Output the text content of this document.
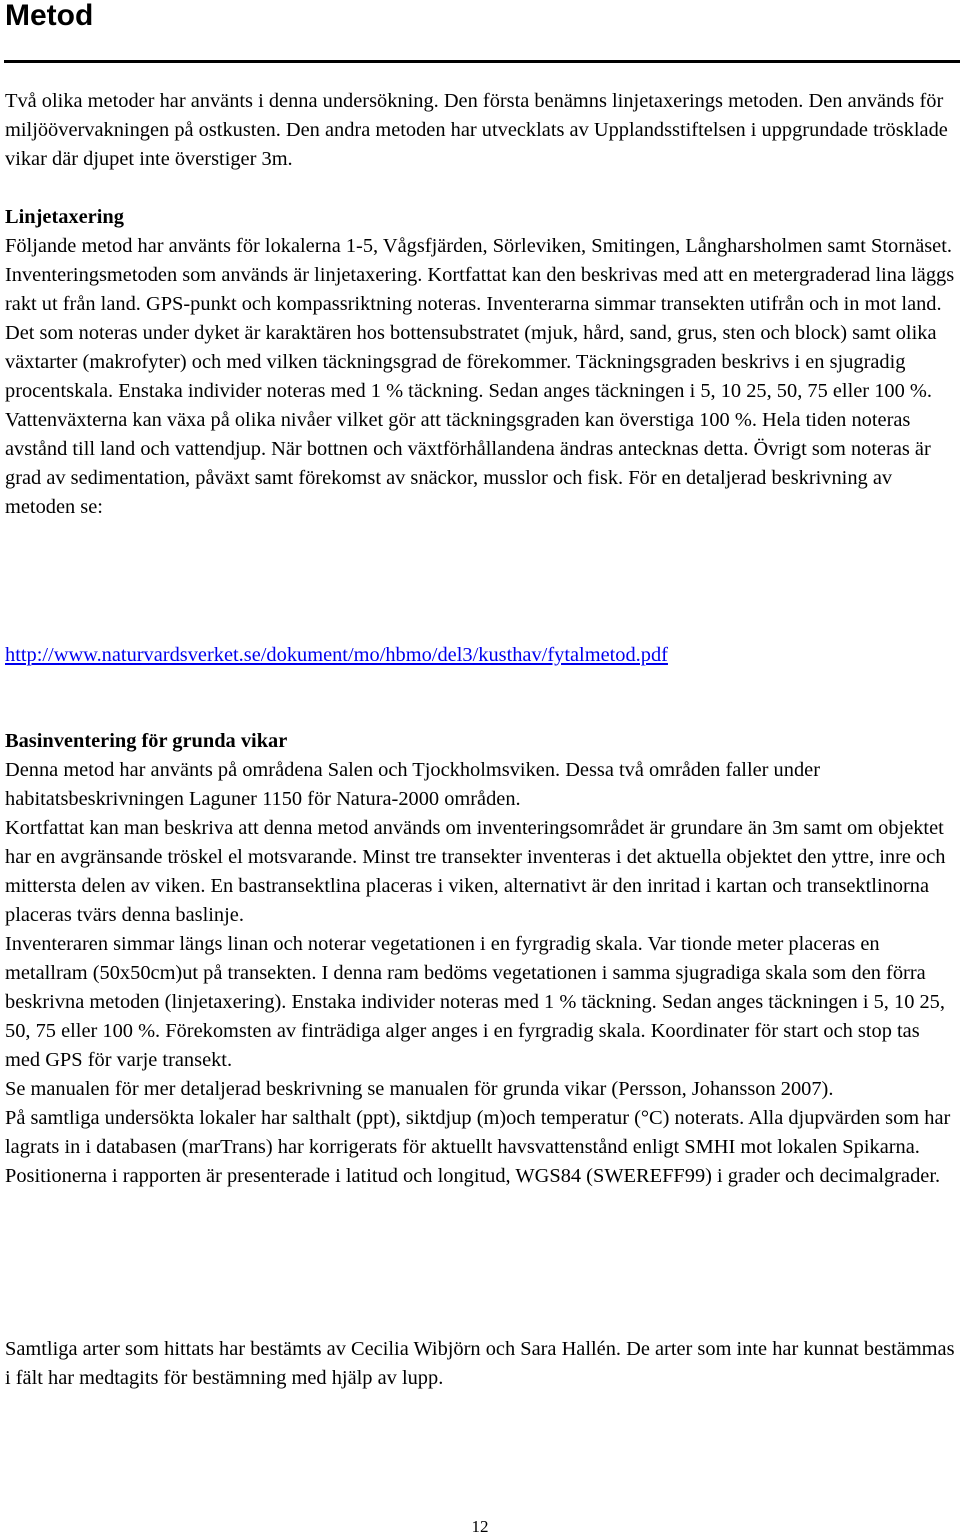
Metod

Två olika metoder har använts i denna undersökning. Den första benämns linjetaxerings metoden. Den används för miljöövervakningen på ostkusten. Den andra metoden har utvecklats av Upplandsstiftelsen i uppgrundade trösklade vikar där djupet inte överstiger 3m.

Linjetaxering

Följande metod har använts för lokalerna 1-5, Vågsfjärden, Sörleviken, Smitingen, Långharsholmen samt Stornäset.

Inventeringsmetoden som används är linjetaxering. Kortfattat kan den beskrivas med att en metergraderad lina läggs rakt ut från land. GPS-punkt och kompassriktning noteras. Inventerarna simmar transekten utifrån och in mot land. Det som noteras under dyket är karaktären hos bottensubstratet (mjuk, hård, sand, grus, sten och block) samt olika växtarter (makrofyter) och med vilken täckningsgrad de förekommer. Täckningsgraden beskrivs i en sjugradig procentskala. Enstaka individer noteras med 1 % täckning. Sedan anges täckningen i 5, 10 25, 50, 75 eller 100 %. Vattenväxterna kan växa på olika nivåer vilket gör att täckningsgraden kan överstiga 100 %. Hela tiden noteras avstånd till land och vattendjup. När bottnen och växtförhållandena ändras antecknas detta. Övrigt som noteras är grad av sedimentation, påväxt samt förekomst av snäckor, musslor och fisk. För en detaljerad beskrivning av metoden se:

http://www.naturvardsverket.se/dokument/mo/hbmo/del3/kusthav/fytalmetod.pdf

Basinventering för grunda vikar

Denna metod har använts på områdena Salen och Tjockholmsviken. Dessa två områden faller under habitatsbeskrivningen Laguner 1150 för Natura-2000 områden.

Kortfattat kan man beskriva att denna metod används om inventeringsområdet är grundare än 3m samt om objektet har en avgränsande tröskel el motsvarande. Minst tre transekter inventeras i det aktuella objektet den yttre, inre och mittersta delen av viken. En bastransektlina placeras i viken, alternativt är den inritad i kartan och transektlinorna placeras tvärs denna baslinje.

Inventeraren simmar längs linan och noterar vegetationen i en fyrgradig skala. Var tionde meter placeras en metallram (50x50cm)ut på transekten. I denna ram bedöms vegetationen i samma sjugradiga skala som den förra beskrivna metoden (linjetaxering). Enstaka individer noteras med 1 % täckning. Sedan anges täckningen i 5, 10 25, 50, 75 eller 100 %. Förekomsten av finträdiga alger anges i en fyrgradig skala. Koordinater för start och stop tas med GPS för varje transekt.

Se manualen för mer detaljerad beskrivning se manualen för grunda vikar (Persson, Johansson 2007).

På samtliga undersökta lokaler har salthalt (ppt), siktdjup (m)och temperatur (°C) noterats. Alla djupvärden som har lagrats in i databasen (marTrans) har korrigerats för aktuellt havsvattenstånd enligt SMHI mot lokalen Spikarna. Positionerna i rapporten är presenterade i latitud och longitud, WGS84 (SWEREFF99) i grader och decimalgrader.

Samtliga arter som hittats har bestämts av Cecilia Wibjörn och Sara Hallén. De arter som inte har kunnat bestämmas i fält har medtagits för bestämning med hjälp av lupp.

12
